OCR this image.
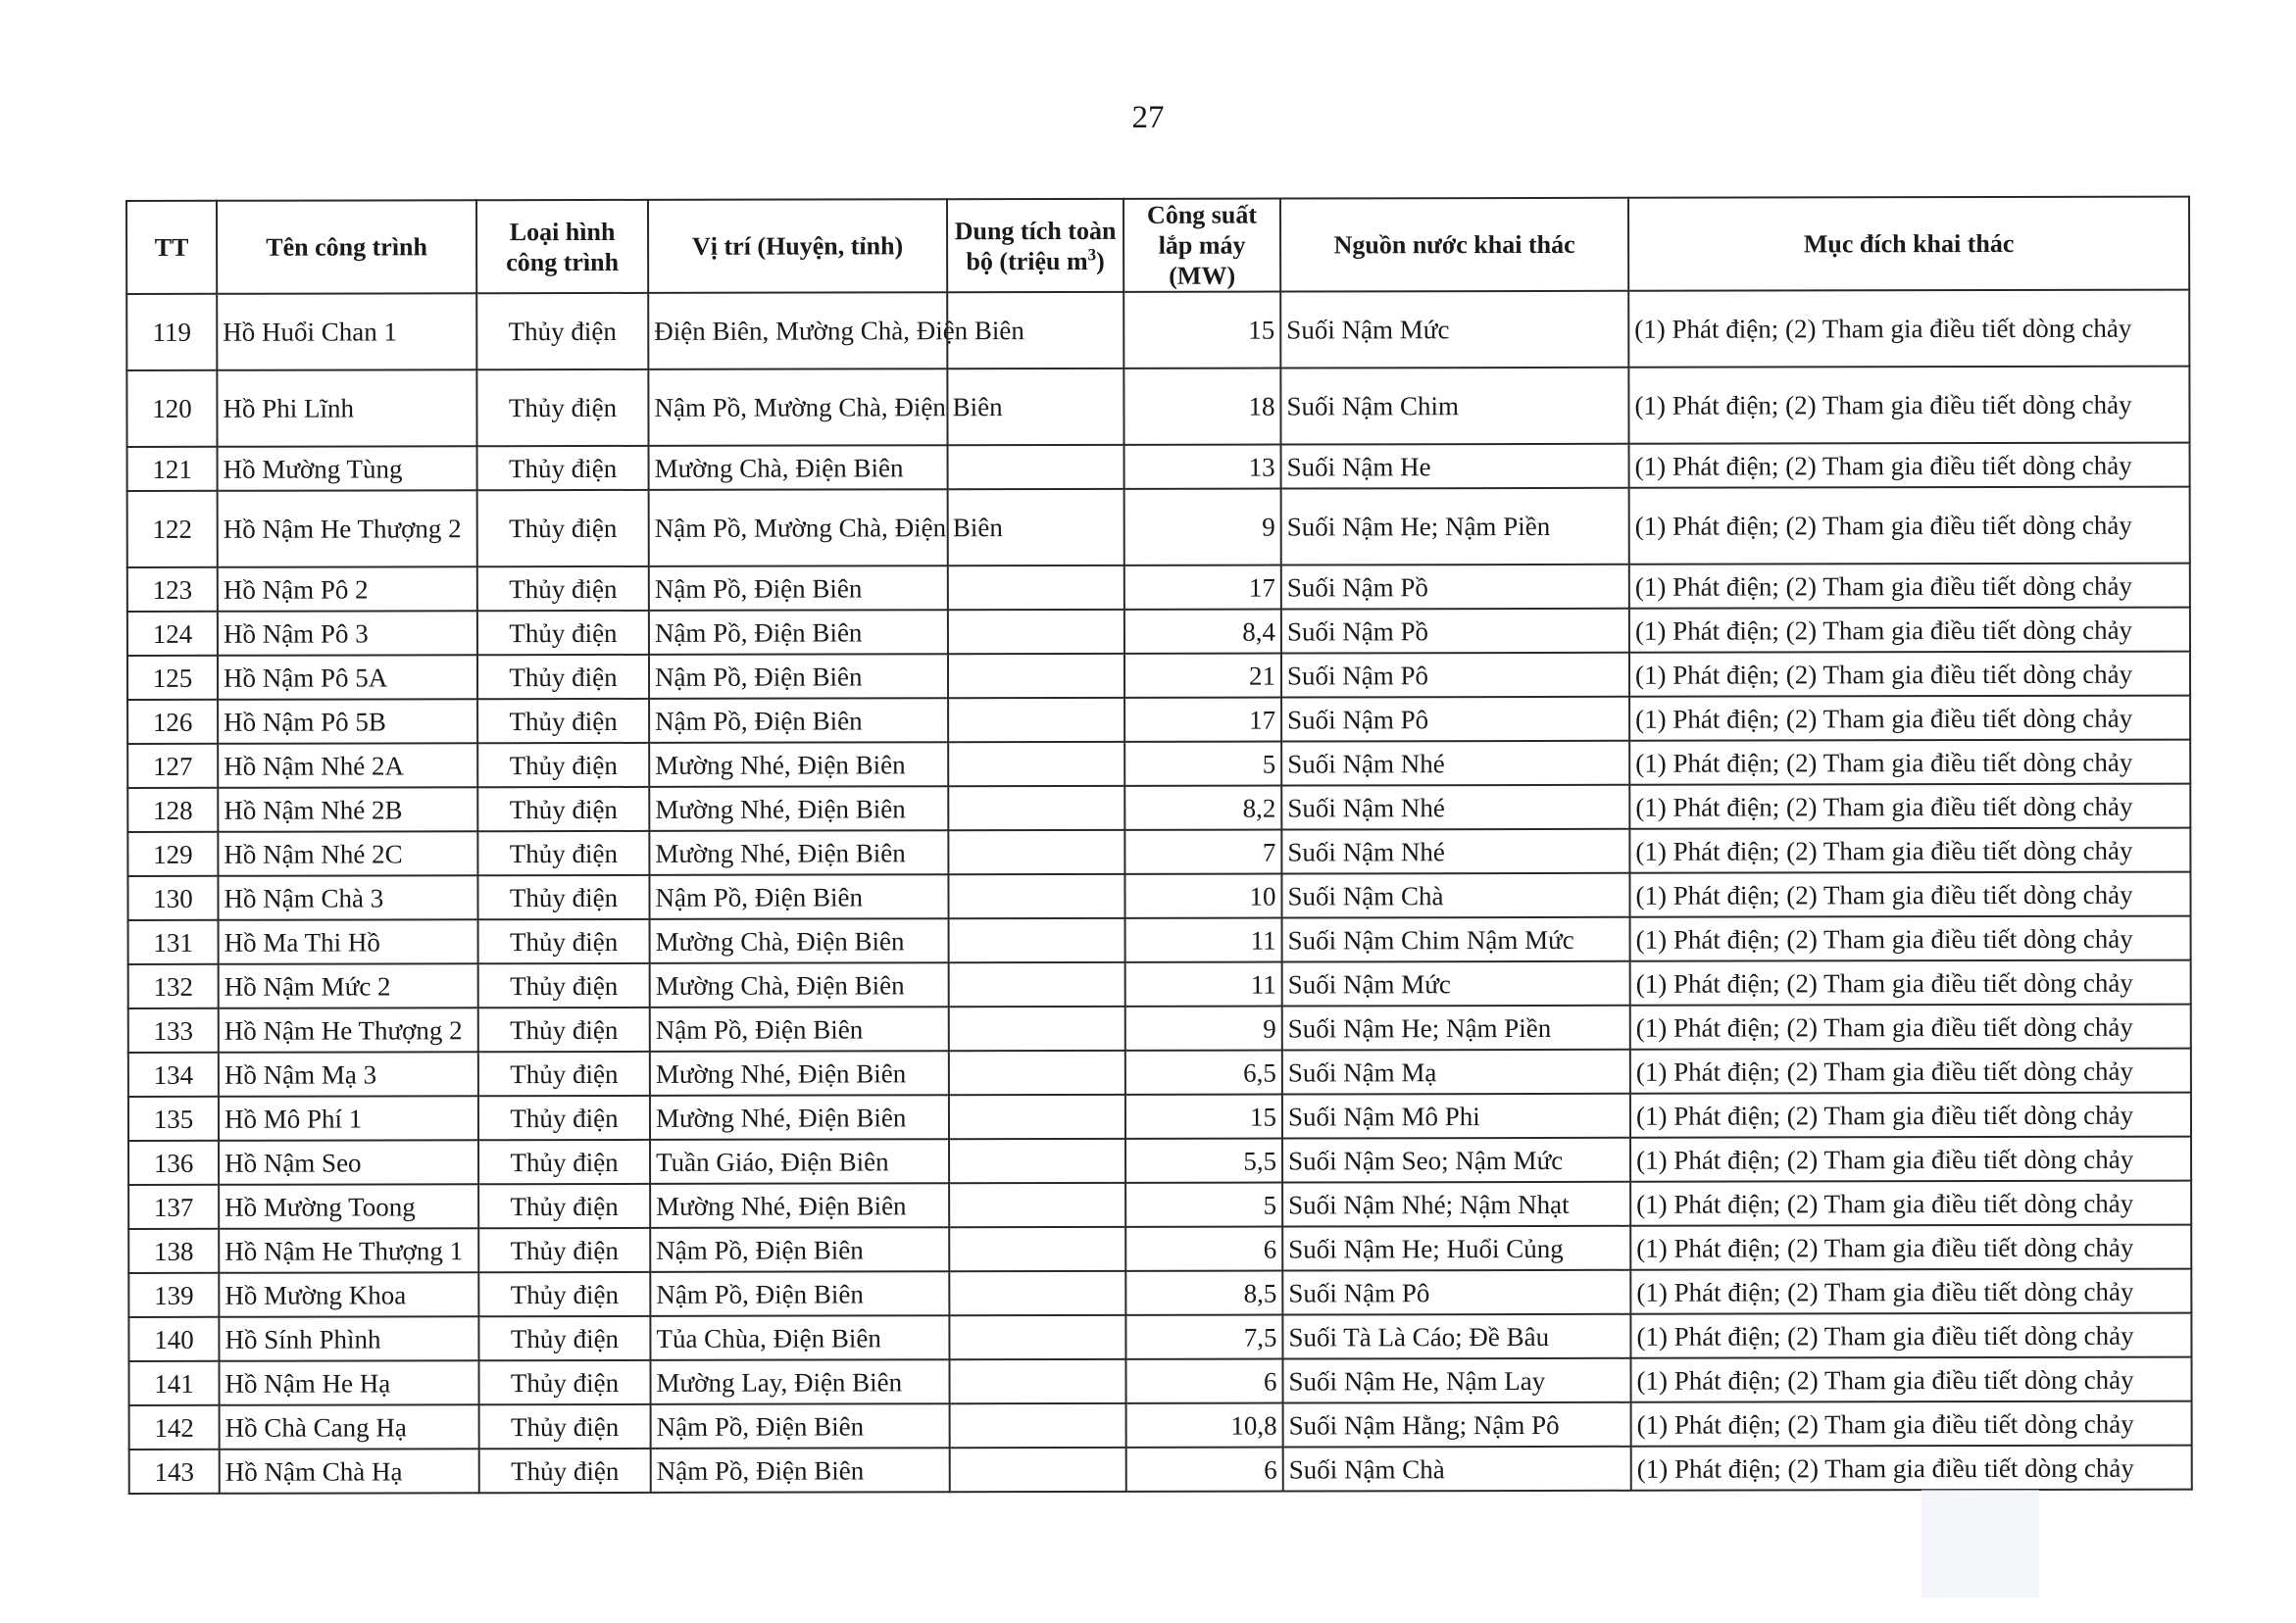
27
TT	Tên công trình	Loại hình công trình	Vị trí (Huyện, tỉnh)	Dung tích toàn bộ (triệu $m^3$)	Công suất lắp máy (MW)	Nguồn nước khai thác	Mục đích khai thác
119	Hồ Huổi Chan 1	Thủy điện	Điện Biên, Mường Chà, Điện Biên		15	Suối Nậm Mức	(1) Phát điện; (2) Tham gia điều tiết dòng chảy
120	Hồ Phi Lĩnh	Thủy điện	Nậm Pồ, Mường Chà, Điện Biên		18	Suối Nậm Chim	(1) Phát điện; (2) Tham gia điều tiết dòng chảy
121	Hồ Mường Tùng	Thủy điện	Mường Chà, Điện Biên		13	Suối Nậm He	(1) Phát điện; (2) Tham gia điều tiết dòng chảy
122	Hồ Nậm He Thượng 2	Thủy điện	Nậm Pồ, Mường Chà, Điện Biên		9	Suối Nậm He; Nậm Piền	(1) Phát điện; (2) Tham gia điều tiết dòng chảy
123	Hồ Nậm Pô 2	Thủy điện	Nậm Pồ, Điện Biên		17	Suối Nậm Pồ	(1) Phát điện; (2) Tham gia điều tiết dòng chảy
124	Hồ Nậm Pô 3	Thủy điện	Nậm Pồ, Điện Biên		8,4	Suối Nậm Pồ	(1) Phát điện; (2) Tham gia điều tiết dòng chảy
125	Hồ Nậm Pô 5A	Thủy điện	Nậm Pồ, Điện Biên		21	Suối Nậm Pô	(1) Phát điện; (2) Tham gia điều tiết dòng chảy
126	Hồ Nậm Pô 5B	Thủy điện	Nậm Pồ, Điện Biên		17	Suối Nậm Pô	(1) Phát điện; (2) Tham gia điều tiết dòng chảy
127	Hồ Nậm Nhé 2A	Thủy điện	Mường Nhé, Điện Biên		5	Suối Nậm Nhé	(1) Phát điện; (2) Tham gia điều tiết dòng chảy
128	Hồ Nậm Nhé 2B	Thủy điện	Mường Nhé, Điện Biên		8,2	Suối Nậm Nhé	(1) Phát điện; (2) Tham gia điều tiết dòng chảy
129	Hồ Nậm Nhé 2C	Thủy điện	Mường Nhé, Điện Biên		7	Suối Nậm Nhé	(1) Phát điện; (2) Tham gia điều tiết dòng chảy
130	Hồ Nậm Chà 3	Thủy điện	Nậm Pồ, Điện Biên		10	Suối Nậm Chà	(1) Phát điện; (2) Tham gia điều tiết dòng chảy
131	Hồ Ma Thi Hồ	Thủy điện	Mường Chà, Điện Biên		11	Suối Nậm Chim Nậm Mức	(1) Phát điện; (2) Tham gia điều tiết dòng chảy
132	Hồ Nậm Mức 2	Thủy điện	Mường Chà, Điện Biên		11	Suối Nậm Mức	(1) Phát điện; (2) Tham gia điều tiết dòng chảy
133	Hồ Nậm He Thượng 2	Thủy điện	Nậm Pồ, Điện Biên		9	Suối Nậm He; Nậm Piền	(1) Phát điện; (2) Tham gia điều tiết dòng chảy
134	Hồ Nậm Mạ 3	Thủy điện	Mường Nhé, Điện Biên		6,5	Suối Nậm Mạ	(1) Phát điện; (2) Tham gia điều tiết dòng chảy
135	Hồ Mô Phí 1	Thủy điện	Mường Nhé, Điện Biên		15	Suối Nậm Mô Phi	(1) Phát điện; (2) Tham gia điều tiết dòng chảy
136	Hồ Nậm Seo	Thủy điện	Tuần Giáo, Điện Biên		5,5	Suối Nậm Seo; Nậm Mức	(1) Phát điện; (2) Tham gia điều tiết dòng chảy
137	Hồ Mường Toong	Thủy điện	Mường Nhé, Điện Biên		5	Suối Nậm Nhé; Nậm Nhạt	(1) Phát điện; (2) Tham gia điều tiết dòng chảy
138	Hồ Nậm He Thượng 1	Thủy điện	Nậm Pồ, Điện Biên		6	Suối Nậm He; Huổi Củng	(1) Phát điện; (2) Tham gia điều tiết dòng chảy
139	Hồ Mường Khoa	Thủy điện	Nậm Pồ, Điện Biên		8,5	Suối Nậm Pô	(1) Phát điện; (2) Tham gia điều tiết dòng chảy
140	Hồ Sính Phình	Thủy điện	Tủa Chùa, Điện Biên		7,5	Suối Tà Là Cáo; Đề Bâu	(1) Phát điện; (2) Tham gia điều tiết dòng chảy
141	Hồ Nậm He Hạ	Thủy điện	Mường Lay, Điện Biên		6	Suối Nậm He, Nậm Lay	(1) Phát điện; (2) Tham gia điều tiết dòng chảy
142	Hồ Chà Cang Hạ	Thủy điện	Nậm Pồ, Điện Biên		10,8	Suối Nậm Hằng; Nậm Pô	(1) Phát điện; (2) Tham gia điều tiết dòng chảy
143	Hồ Nậm Chà Hạ	Thủy điện	Nậm Pồ, Điện Biên		6	Suối Nậm Chà	(1) Phát điện; (2) Tham gia điều tiết dòng chảy
